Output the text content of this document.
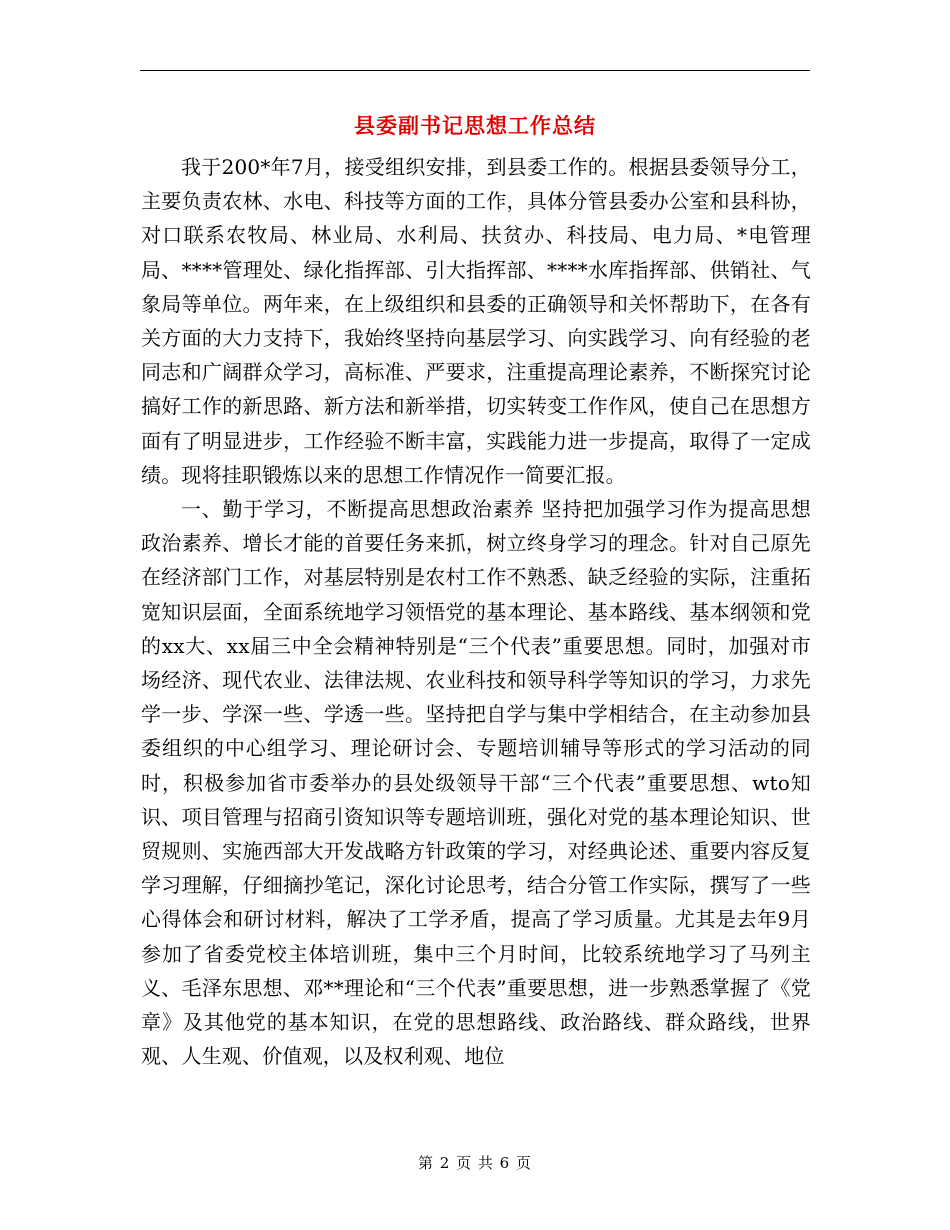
县委副书记思想工作总结

我于200*年7月，接受组织安排，到县委工作的。根据县委领导分工，主要负责农林、水电、科技等方面的工作，具体分管县委办公室和县科协，对口联系农牧局、林业局、水利局、扶贫办、科技局、电力局、*电管理局、****管理处、绿化指挥部、引大指挥部、****水库指挥部、供销社、气象局等单位。两年来，在上级组织和县委的正确领导和关怀帮助下，在各有关方面的大力支持下，我始终坚持向基层学习、向实践学习、向有经验的老同志和广阔群众学习，高标准、严要求，注重提高理论素养，不断探究讨论搞好工作的新思路、新方法和新举措，切实转变工作作风，使自己在思想方面有了明显进步，工作经验不断丰富，实践能力进一步提高，取得了一定成绩。现将挂职锻炼以来的思想工作情况作一简要汇报。

一、勤于学习，不断提高思想政治素养 坚持把加强学习作为提高思想政治素养、增长才能的首要任务来抓，树立终身学习的理念。针对自己原先在经济部门工作，对基层特别是农村工作不熟悉、缺乏经验的实际，注重拓宽知识层面，全面系统地学习领悟党的基本理论、基本路线、基本纲领和党的xx大、xx届三中全会精神特别是“三个代表”重要思想。同时，加强对市场经济、现代农业、法律法规、农业科技和领导科学等知识的学习，力求先学一步、学深一些、学透一些。坚持把自学与集中学相结合，在主动参加县委组织的中心组学习、理论研讨会、专题培训辅导等形式的学习活动的同时，积极参加省市委举办的县处级领导干部“三个代表”重要思想、wto知识、项目管理与招商引资知识等专题培训班，强化对党的基本理论知识、世贸规则、实施西部大开发战略方针政策的学习，对经典论述、重要内容反复学习理解，仔细摘抄笔记，深化讨论思考，结合分管工作实际，撰写了一些心得体会和研讨材料，解决了工学矛盾，提高了学习质量。尤其是去年9月参加了省委党校主体培训班，集中三个月时间，比较系统地学习了马列主义、毛泽东思想、邓**理论和“三个代表”重要思想，进一步熟悉掌握了《党章》及其他党的基本知识，在党的思想路线、政治路线、群众路线，世界观、人生观、价值观，以及权利观、地位

第 2 页 共 6 页
